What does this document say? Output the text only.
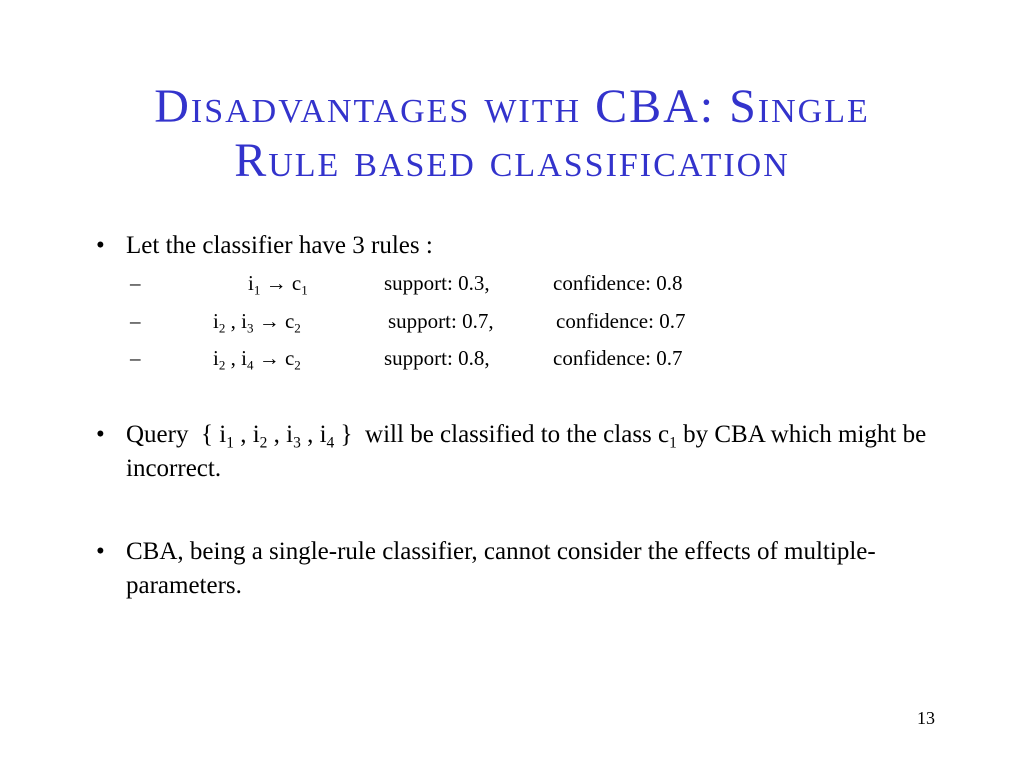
Disadvantages with CBA: Single
Rule based classification
• Let the classifier have 3 rules :
–	$i_1 \to c_1$	support: 0.3,	confidence: 0.8
–	$i_2$ , $i_3 \to c_2$	support: 0.7,	confidence: 0.7
–	$i_2$ , $i_4 \to c_2$	support: 0.8,	confidence: 0.7
• Query  { $i_1$ , $i_2$ , $i_3$ , $i_4$ }  will be classified to the class $c_1$ by CBA which might be incorrect.
• CBA, being a single-rule classifier, cannot consider the effects of multiple-parameters.
13
